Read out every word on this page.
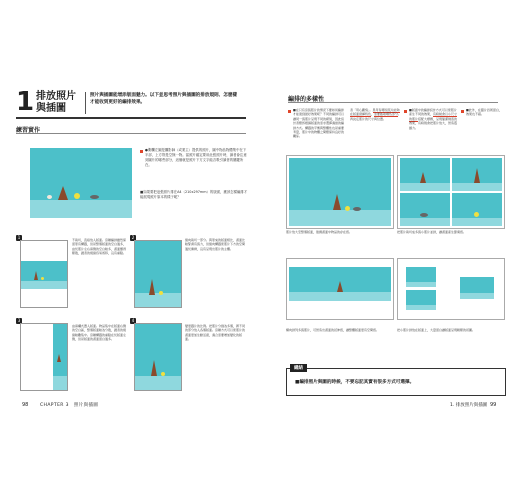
1 排放照片
與插圖
照片與插圖能增添版面魅力。以下並思考照片與插圖的排放規則、怎麼樣才能收到更好的編排效果。
練習實作
●側欄左圖是攝影師（或業主）提供的照片，圖中物品物體集中在下半部，上方則是空無一物。當照片確定要用此張照片時，讀者會注意到圖片的哪些部分，這個就是照片下方文字能否吸引讀者的關鍵所在。
■如果要把這張照片排在A4（210x297mm）的版面，應該怎樣編排才能展現照片原本的樣子呢？
1	不裁切，直接放入版面。這種編排雖然保留原有構圖，但是整個版面的空白過多，由於照片左右兩側的空白較多，畫面顯得鬆散，讀者的視線容易遊移，沒有重點。
2	縱向裁切一部分。與原來的版面相比，畫面比較緊湊有張力，但縱向構圖使照片下方的空間過於擁擠，沒有呈現出照片的主體。
3
由兩欄式置入版面。物品集中在版面右側的空白區，整個版面較為分散，讀者的視線較難集中。這種構圖的重點在於版面左側，但是版面的畫面留白過多。
4
變更圖片的比例。把照片分割為多個，將不同的部分放入各個版面。這種方式可以使照片的畫面更加生動活潑，適合需要增加變化的版面。
98	CHAPTER 3　照片與插圖
編排的多樣性
■在只有這張照片的情況下要如何編排才能達到最好效果呢？不同的編排可以讓同一張照片呈現不同的樣貌，因此設計者應該根據版面的需求選擇適當的編排方式。構圖的平衡與整體性也是重要考量，照片中的物體之間應保持良好的關係。
者「用心觀察」。思考有哪些照片能夠在版面發揮特色，需要截取哪些部分。再決定照片的尺寸與位置。
■版面中的編排設計方式可以使照片產生不同的效果，有時候會以小尺寸的照片搭配大標題，呈現簡潔俐落的效果，有時則會把照片放大，營造震撼力。
■此外，在圖片四周留白，效果也不錯。
照片放大至整個版面，強調畫面中物品的存在感。	把照片裁切成多張小照片並排，讓畫面產生節奏感。
橫向排列多張照片，可營造出畫面的延伸感，讓整體版面更有空間感。	把小照片排放在版面上，大量留白讓版面呈現輕鬆的氛圍。
總結
■編排照片與圖的時候，不要忘記其實有很多方式可選擇。
1. 排放照片與插圖 99
